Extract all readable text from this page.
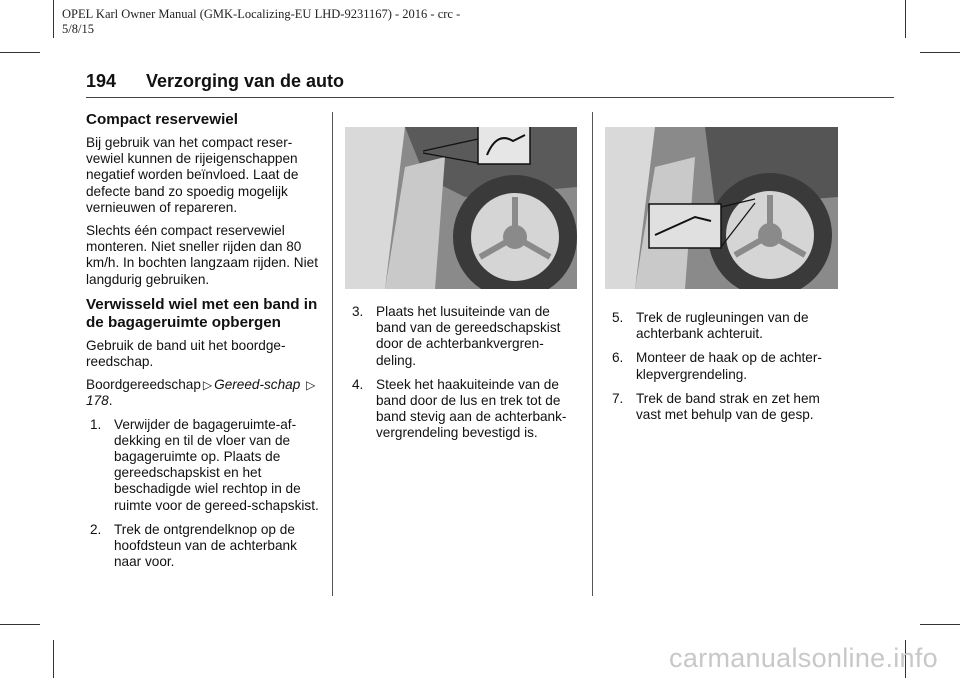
OPEL Karl Owner Manual (GMK-Localizing-EU LHD-9231167) - 2016 - crc -
5/8/15
194 Verzorging van de auto
Compact reservewiel

Bij gebruik van het compact reser-vewiel kunnen de rijeigenschappen negatief worden beïnvloed. Laat de defecte band zo spoedig mogelijk vernieuwen of repareren.

Slechts één compact reservewiel monteren. Niet sneller rijden dan 80 km/h. In bochten langzaam rijden. Niet langdurig gebruiken.

Verwisseld wiel met een band in de bagageruimte opbergen

Gebruik de band uit het boordge-reedschap.

Boordgereedschap ▷ Gereed-schap ▷178.

1. Verwijder de bagageruimte-af-dekking en til de vloer van de bagageruimte op. Plaats de gereedschapskist en het beschadigde wiel rechtop in de ruimte voor de gereed-schapskist.
2. Trek de ontgrendelknop op de hoofdsteun van de achterbank naar voor.
3. Plaats het lusuiteinde van de band van de gereedschapskist door de achterbankvergren-deling.
4. Steek het haakuiteinde van de band door de lus en trek tot de band stevig aan de achterbank-vergrendeling bevestigd is.
5. Trek de rugleuningen van de achterbank achteruit.
6. Monteer de haak op de achter-klepvergrendeling.
7. Trek de band strak en zet hem vast met behulp van de gesp.
carmanualsonline.info
